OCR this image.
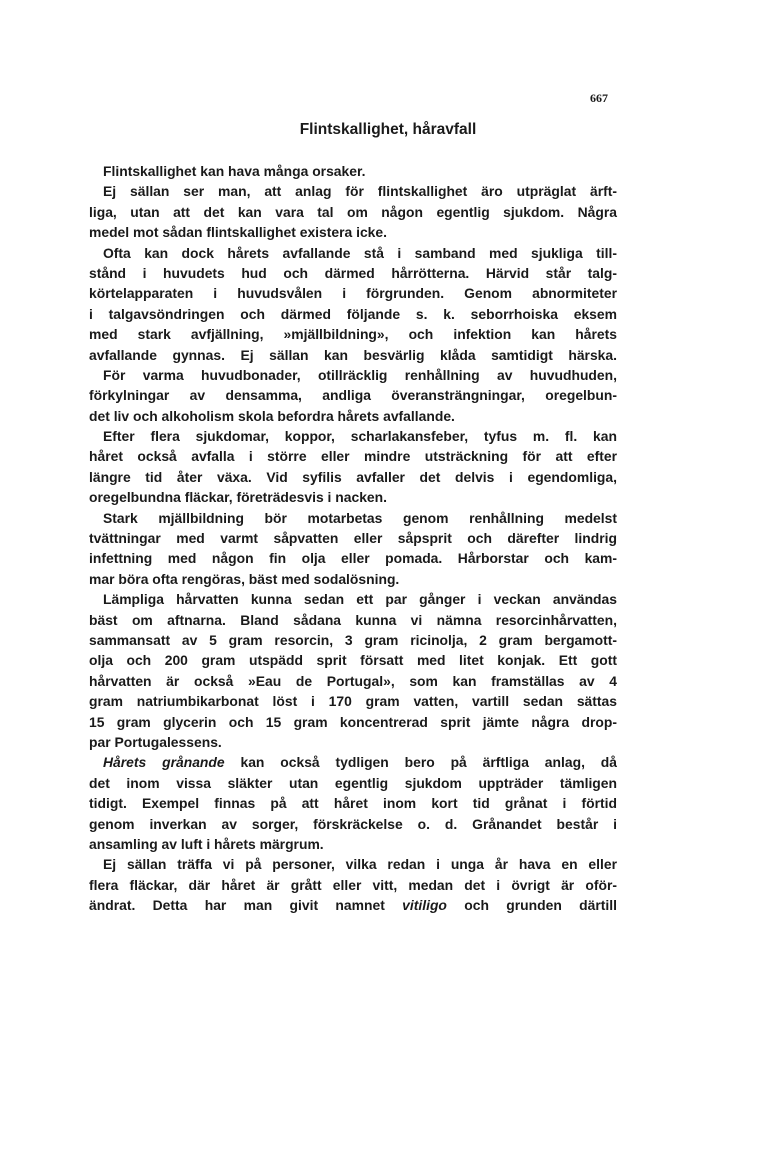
667
Flintskallighet, håravfall
Flintskallighet kan hava många orsaker.
Ej sällan ser man, att anlag för flintskallighet äro utpräglat ärft-
liga, utan att det kan vara tal om någon egentlig sjukdom. Några
medel mot sådan flintskallighet existera icke.
Ofta kan dock hårets avfallande stå i samband med sjukliga till-
stånd i huvudets hud och därmed hårrötterna. Härvid står talg-
körtelapparaten i huvudsvålen i förgrunden. Genom abnormiteter
i talgavsöndringen och därmed följande s. k. seborrhoiska eksem
med stark avfjällning, »mjällbildning», och infektion kan hårets
avfallande gynnas. Ej sällan kan besvärlig klåda samtidigt härska.
För varma huvudbonader, otillräcklig renhållning av huvudhuden,
förkylningar av densamma, andliga överansträngningar, oregelbun-
det liv och alkoholism skola befordra hårets avfallande.
Efter flera sjukdomar, koppor, scharlakansfeber, tyfus m. fl. kan
håret också avfalla i större eller mindre utsträckning för att efter
längre tid åter växa. Vid syfilis avfaller det delvis i egendomliga,
oregelbundna fläckar, företrädesvis i nacken.
Stark mjällbildning bör motarbetas genom renhållning medelst
tvättningar med varmt såpvatten eller såpsprit och därefter lindrig
infettning med någon fin olja eller pomada. Hårborstar och kam-
mar böra ofta rengöras, bäst med sodalösning.
Lämpliga hårvatten kunna sedan ett par gånger i veckan användas
bäst om aftnarna. Bland sådana kunna vi nämna resorcinhårvatten,
sammansatt av 5 gram resorcin, 3 gram ricinolja, 2 gram bergamott-
olja och 200 gram utspädd sprit försatt med litet konjak. Ett gott
hårvatten är också »Eau de Portugal», som kan framställas av 4
gram natriumbikarbonat löst i 170 gram vatten, vartill sedan sättas
15 gram glycerin och 15 gram koncentrerad sprit jämte några drop-
par Portugalessens.
Hårets grånande kan också tydligen bero på ärftliga anlag, då
det inom vissa släkter utan egentlig sjukdom uppträder tämligen
tidigt. Exempel finnas på att håret inom kort tid grånat i förtid
genom inverkan av sorger, förskräckelse o. d. Grånandet består i
ansamling av luft i hårets märgrum.
Ej sällan träffa vi på personer, vilka redan i unga år hava en eller
flera fläckar, där håret är grått eller vitt, medan det i övrigt är oför-
ändrat. Detta har man givit namnet vitiligo och grunden därtill
